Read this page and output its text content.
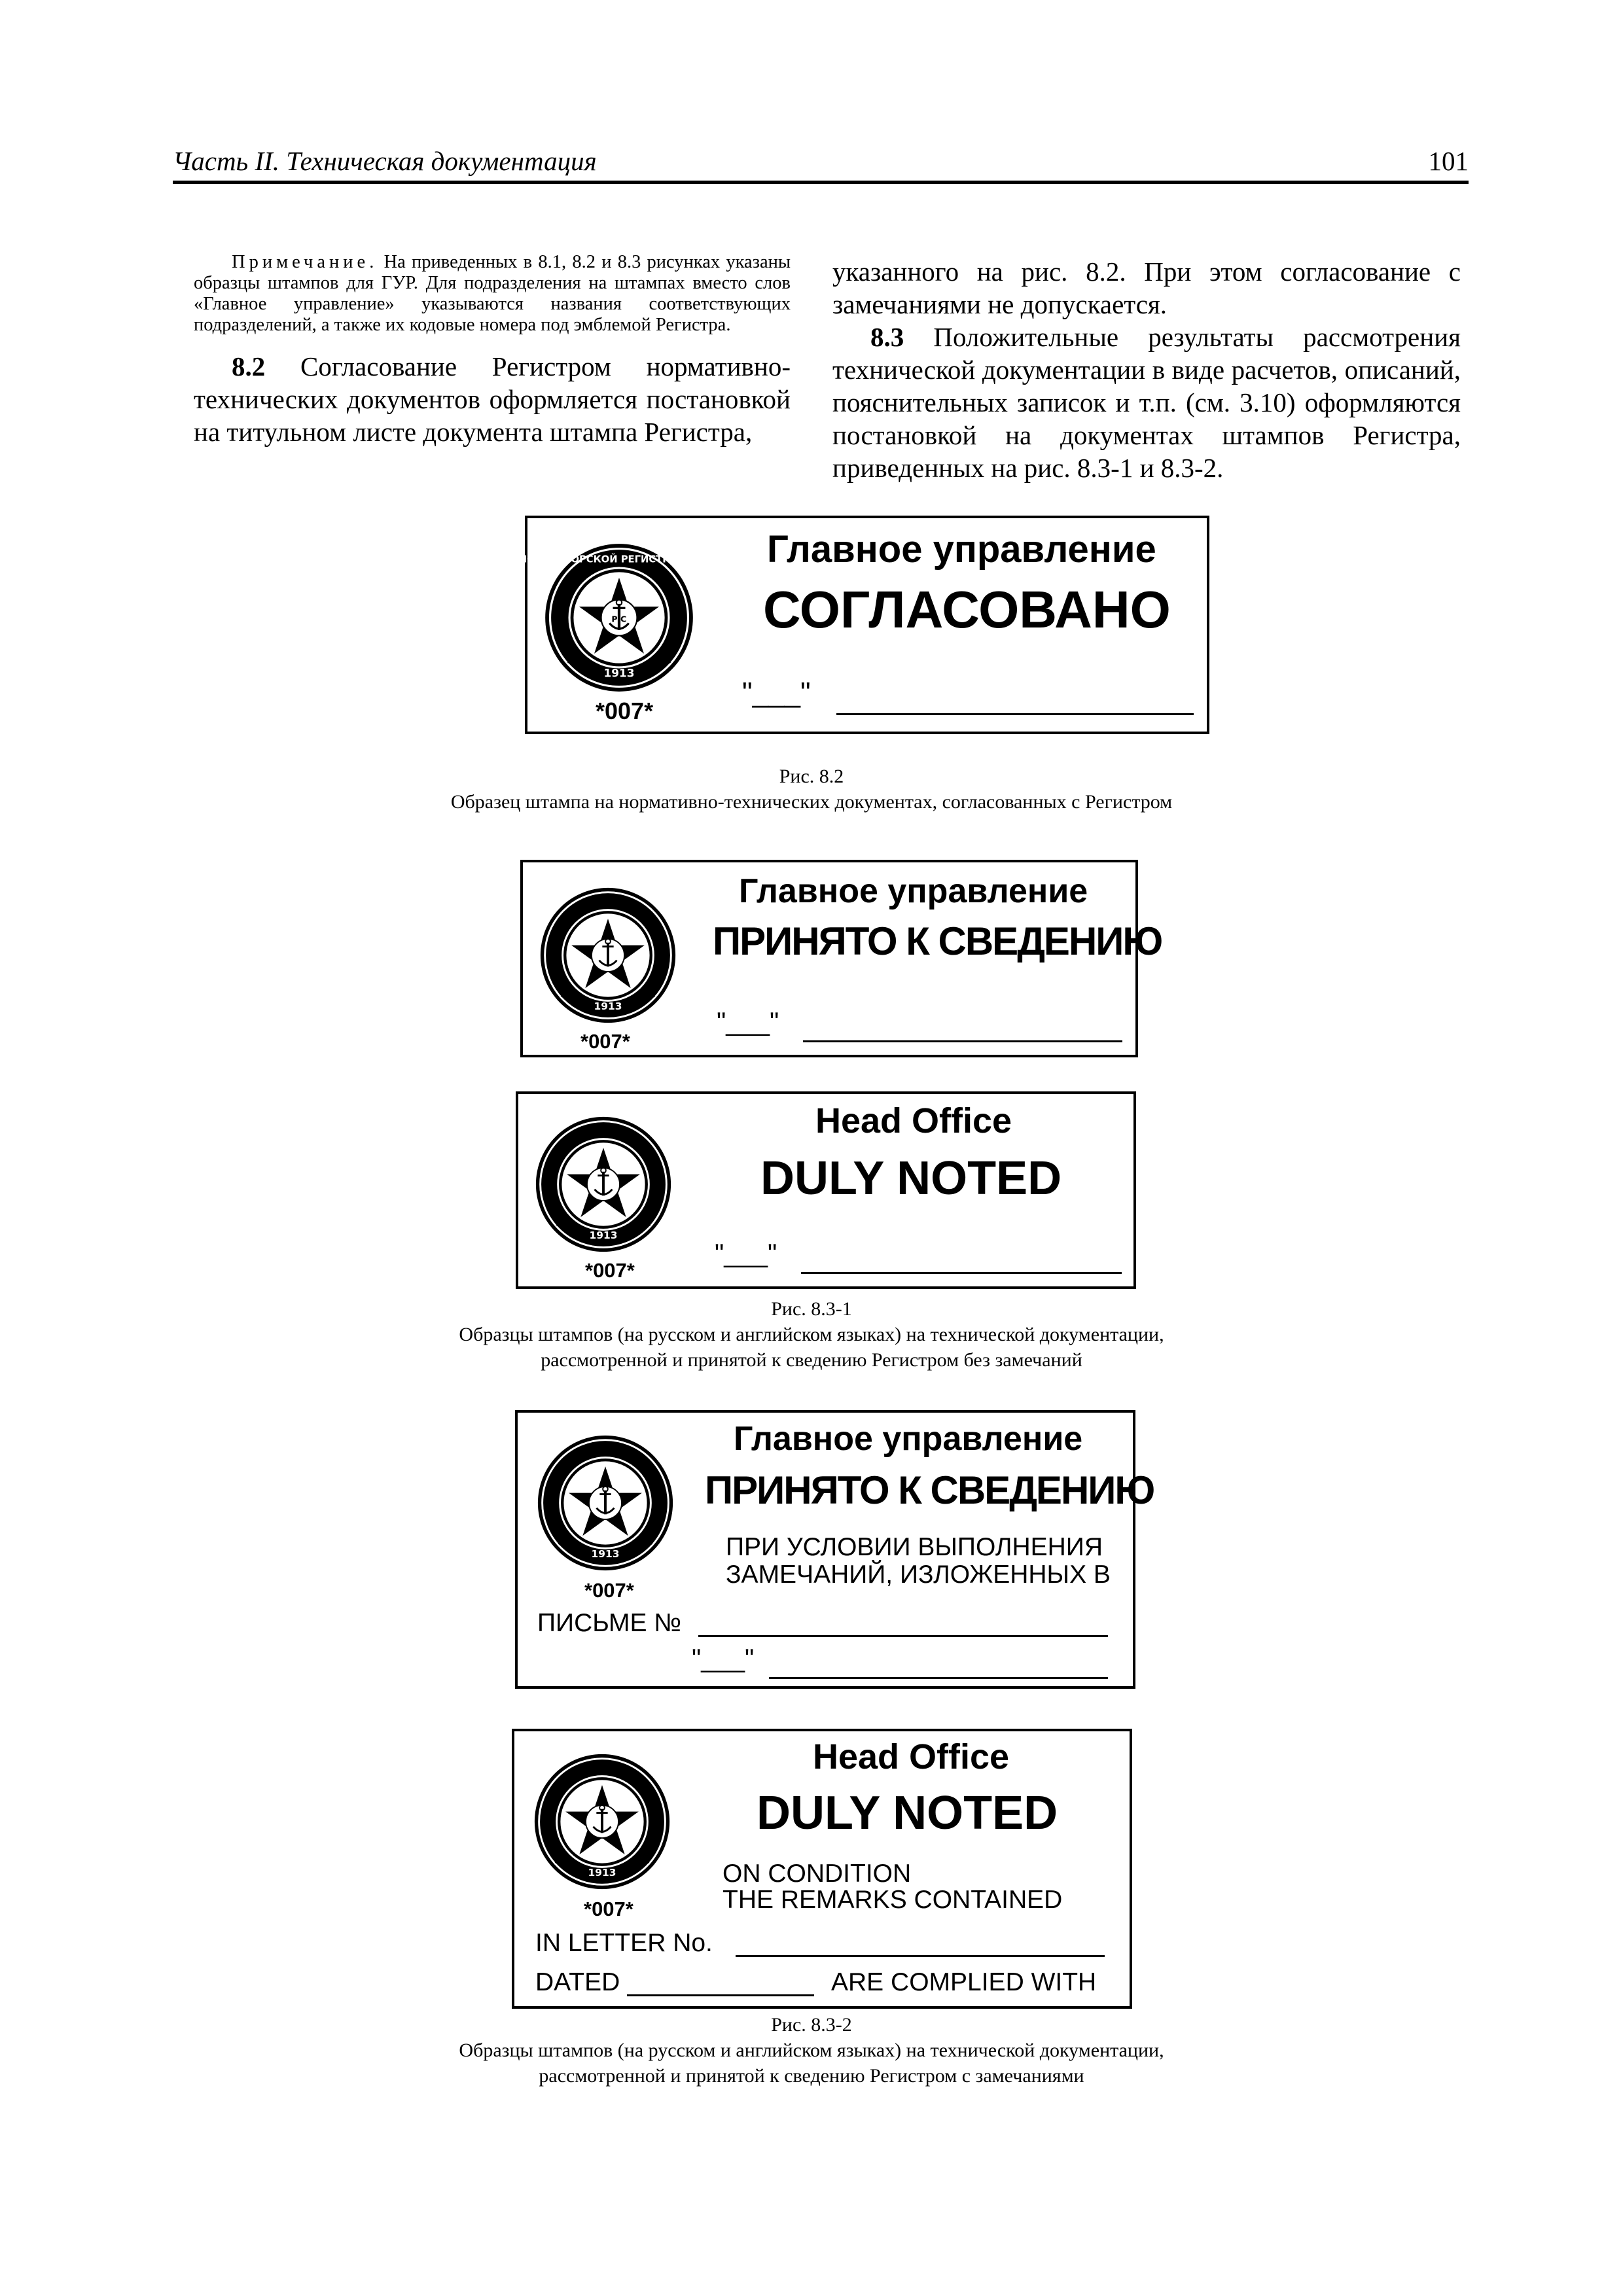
Часть II. Техническая документация	101

Примечание. На приведенных в 8.1, 8.2 и 8.3 рисунках указаны образцы штампов для ГУР. Для подразделения на штампах вместо слов «Главное управление» указываются названия соответствующих подразделений, а также их кодовые номера под эмблемой Регистра.

8.2 Согласование Регистром нормативно-технических документов оформляется постановкой на титульном листе документа штампа Регистра,

указанного на рис. 8.2. При этом согласование с замечаниями не допускается.

8.3 Положительные результаты рассмотрения технической документации в виде расчетов, описаний, пояснительных записок и т.п. (см. 3.10) оформляются постановкой на документах штампов Регистра, приведенных на рис. 8.3-1 и 8.3-2.

РОССИЙСКИЙ МОРСКОЙ РЕГИСТР СУДОХОДСТВА
Р С
1913
*007*
Главное управление
СОГЛАСОВАНО
"___"
Рис. 8.2
Образец штампа на нормативно-технических документах, согласованных с Регистром
1913
*007*
Главное управление
ПРИНЯТО К СВЕДЕНИЮ
"___"
1913
*007*
Head Office
DULY NOTED
"___"
Рис. 8.3-1
Образцы штампов (на русском и английском языках) на технической документации,
рассмотренной и принятой к сведению Регистром без замечаний
1913
*007*
Главное управление
ПРИНЯТО К СВЕДЕНИЮ
ПРИ УСЛОВИИ ВЫПОЛНЕНИЯ
ЗАМЕЧАНИЙ, ИЗЛОЖЕННЫХ В
ПИСЬМЕ №
"___"
1913
*007*
Head Office
DULY NOTED
ON CONDITION
THE REMARKS CONTAINED
IN LETTER No.
DATED	ARE COMPLIED WITH
Рис. 8.3-2
Образцы штампов (на русском и английском языках) на технической документации,
рассмотренной и принятой к сведению Регистром с замечаниями
